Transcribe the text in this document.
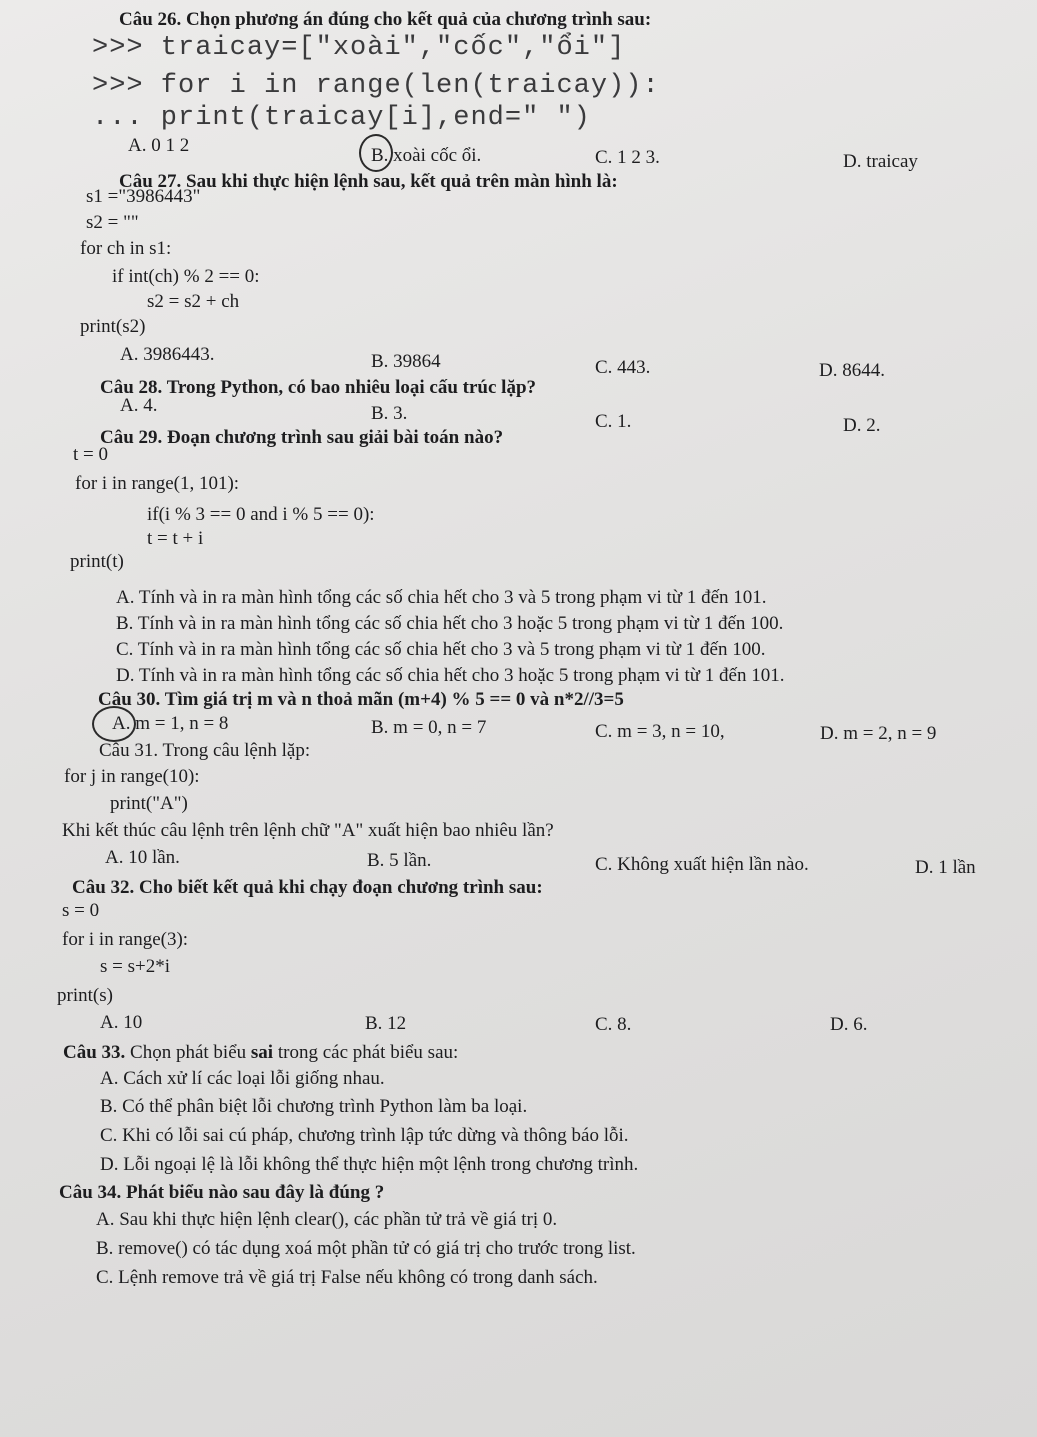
Câu 26. Chọn phương án đúng cho kết quả của chương trình sau:
>>> traicay=["xoài","cốc","ổi"]
>>> for i in range(len(traicay)):
... print(traicay[i],end=" ")
A. 0 1 2	B. xoài cốc ổi.	C. 1 2 3.	D. traicay
Câu 27. Sau khi thực hiện lệnh sau, kết quả trên màn hình là:
s1 ="3986443"
s2 = ""
for ch in s1:
if int(ch) % 2 == 0:
s2 = s2 + ch
print(s2)
A. 3986443.	B. 39864	C. 443.	D. 8644.
Câu 28. Trong Python, có bao nhiêu loại cấu trúc lặp?
A. 4.	B. 3.	C. 1.	D. 2.
Câu 29. Đoạn chương trình sau giải bài toán nào?
t = 0
for i in range(1, 101):
if(i % 3 == 0 and i % 5 == 0):
t = t + i
print(t)
A. Tính và in ra màn hình tổng các số chia hết cho 3 và 5 trong phạm vi từ 1 đến 101.
B. Tính và in ra màn hình tổng các số chia hết cho 3 hoặc 5 trong phạm vi từ 1 đến 100.
C. Tính và in ra màn hình tổng các số chia hết cho 3 và 5 trong phạm vi từ 1 đến 100.
D. Tính và in ra màn hình tổng các số chia hết cho 3 hoặc 5 trong phạm vi từ 1 đến 101.
Câu 30. Tìm giá trị m và n thoả mãn (m+4) % 5 == 0 và n*2//3=5
A. m = 1, n = 8	B. m = 0, n = 7	C. m = 3, n = 10,	D. m = 2, n = 9
Câu 31. Trong câu lệnh lặp:
for j in range(10):
print("A")
Khi kết thúc câu lệnh trên lệnh chữ "A" xuất hiện bao nhiêu lần?
A. 10 lần.	B. 5 lần.	C. Không xuất hiện lần nào.	D. 1 lần
Câu 32. Cho biết kết quả khi chạy đoạn chương trình sau:
s = 0
for i in range(3):
s = s+2*i
print(s)
A. 10	B. 12	C. 8.	D. 6.
Câu 33. Chọn phát biểu sai trong các phát biểu sau:
A. Cách xử lí các loại lỗi giống nhau.
B. Có thể phân biệt lỗi chương trình Python làm ba loại.
C. Khi có lỗi sai cú pháp, chương trình lập tức dừng và thông báo lỗi.
D. Lỗi ngoại lệ là lỗi không thể thực hiện một lệnh trong chương trình.
Câu 34. Phát biểu nào sau đây là đúng ?
A. Sau khi thực hiện lệnh clear(), các phần tử trả về giá trị 0.
B. remove() có tác dụng xoá một phần tử có giá trị cho trước trong list.
C. Lệnh remove trả về giá trị False nếu không có trong danh sách.
